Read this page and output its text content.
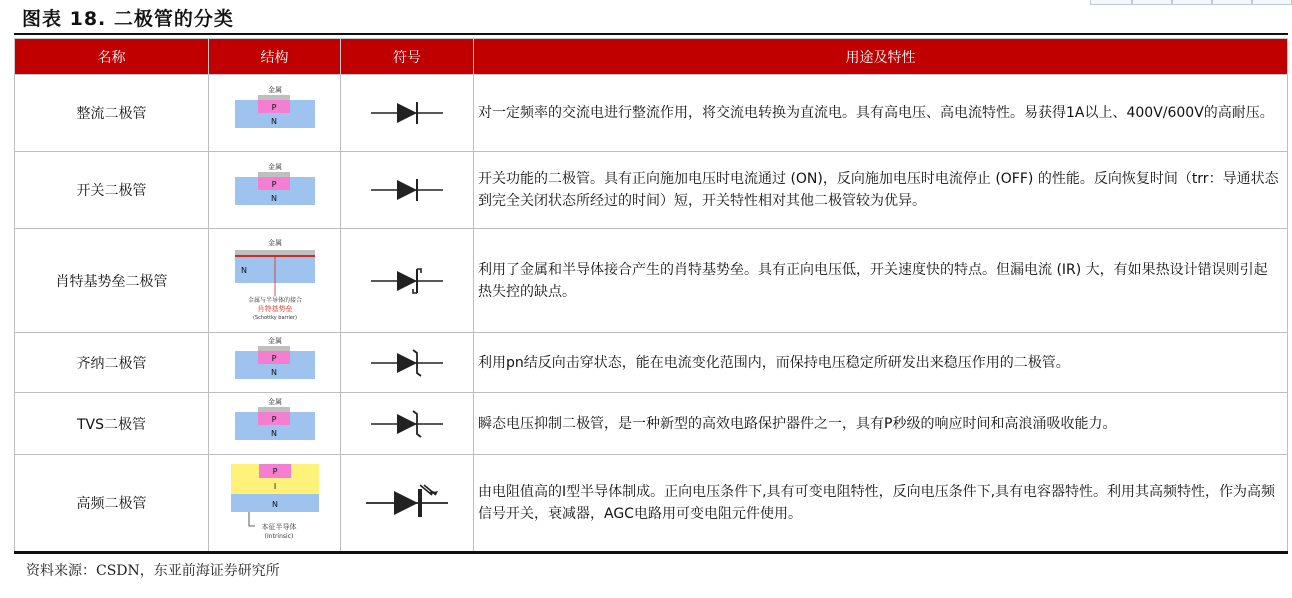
图表 18. 二极管的分类
名称	结构	符号	用途及特性
整流二极管	金属
P
N		对一定频率的交流电进行整流作用，将交流电转换为直流电。具有高电压、高电流特性。易获得1A以上、400V/600V的高耐压。
开关二极管	金属
P
N		开关功能的二极管。具有正向施加电压时电流通过 (ON)，反向施加电压时电流停止 (OFF) 的性能。反向恢复时间（trr：导通状态到完全关闭状态所经过的时间）短，开关特性相对其他二极管较为优异。
肖特基势垒二极管	金属
N
金属与半导体的接合
肖特基势垒
(Schottky barrier)		利用了金属和半导体接合产生的肖特基势垒。具有正向电压低，开关速度快的特点。但漏电流 (IR) 大，有如果热设计错误则引起热失控的缺点。
齐纳二极管	金属
P
N		利用pn结反向击穿状态，能在电流变化范围内，而保持电压稳定所研发出来稳压作用的二极管。
TVS二极管	金属
P
N		瞬态电压抑制二极管，是一种新型的高效电路保护器件之一，具有P秒级的响应时间和高浪涌吸收能力。
高频二极管	P
I
N
本征半导体
(Intrinsic)		由电阻值高的I型半导体制成。正向电压条件下,具有可变电阻特性，反向电压条件下,具有电容器特性。利用其高频特性，作为高频信号开关，衰减器，AGC电路用可变电阻元件使用。
资料来源：CSDN，东亚前海证券研究所
